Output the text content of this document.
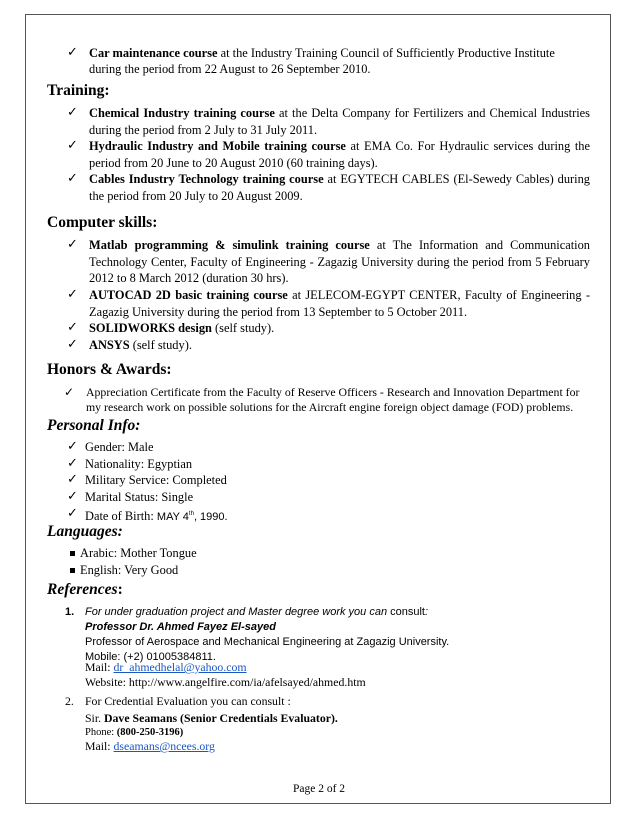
✓ Car maintenance course at the Industry Training Council of Sufficiently Productive Institute
during the period from 22 August to 26 September 2010.
Training:
✓ Chemical Industry training course at the Delta Company for Fertilizers and Chemical Industries
during the period from 2 July to 31 July 2011.
✓ Hydraulic Industry and Mobile training course at EMA Co. For Hydraulic services during the
period from 20 June to 20 August 2010 (60 training days).
✓ Cables Industry Technology training course at EGYTECH CABLES (El-Sewedy Cables) during
the period from 20 July to 20 August 2009.
Computer skills:
✓ Matlab programming & simulink training course at The Information and Communication
Technology Center, Faculty of Engineering - Zagazig University during the period from 5 February
2012 to 8 March 2012 (duration 30 hrs).
✓ AUTOCAD 2D basic training course at JELECOM-EGYPT CENTER, Faculty of Engineering -
Zagazig University during the period from 13 September to 5 October 2011.
✓ SOLIDWORKS design (self study).
✓ ANSYS (self study).
Honors & Awards:
✓ Appreciation Certificate from the Faculty of Reserve Officers - Research and Innovation Department for
my research work on possible solutions for the Aircraft engine foreign object damage (FOD) problems.
Personal Info:
✓ Gender: Male
✓ Nationality: Egyptian
✓ Military Service: Completed
✓ Marital Status: Single
✓ Date of Birth: MAY 4th, 1990.
Languages:
Arabic: Mother Tongue
English: Very Good
References:
1. For under graduation project and Master degree work you can consult:
Professor Dr. Ahmed Fayez El-sayed
Professor of Aerospace and Mechanical Engineering at Zagazig University.
Mobile: (+2) 01005384811.
Mail: dr_ahmedhelal@yahoo.com
Website: http://www.angelfire.com/ia/afelsayed/ahmed.htm
2. For Credential Evaluation you can consult :
Sir. Dave Seamans (Senior Credentials Evaluator).
Phone: (800-250-3196)
Mail: dseamans@ncees.org
Page 2 of 2
